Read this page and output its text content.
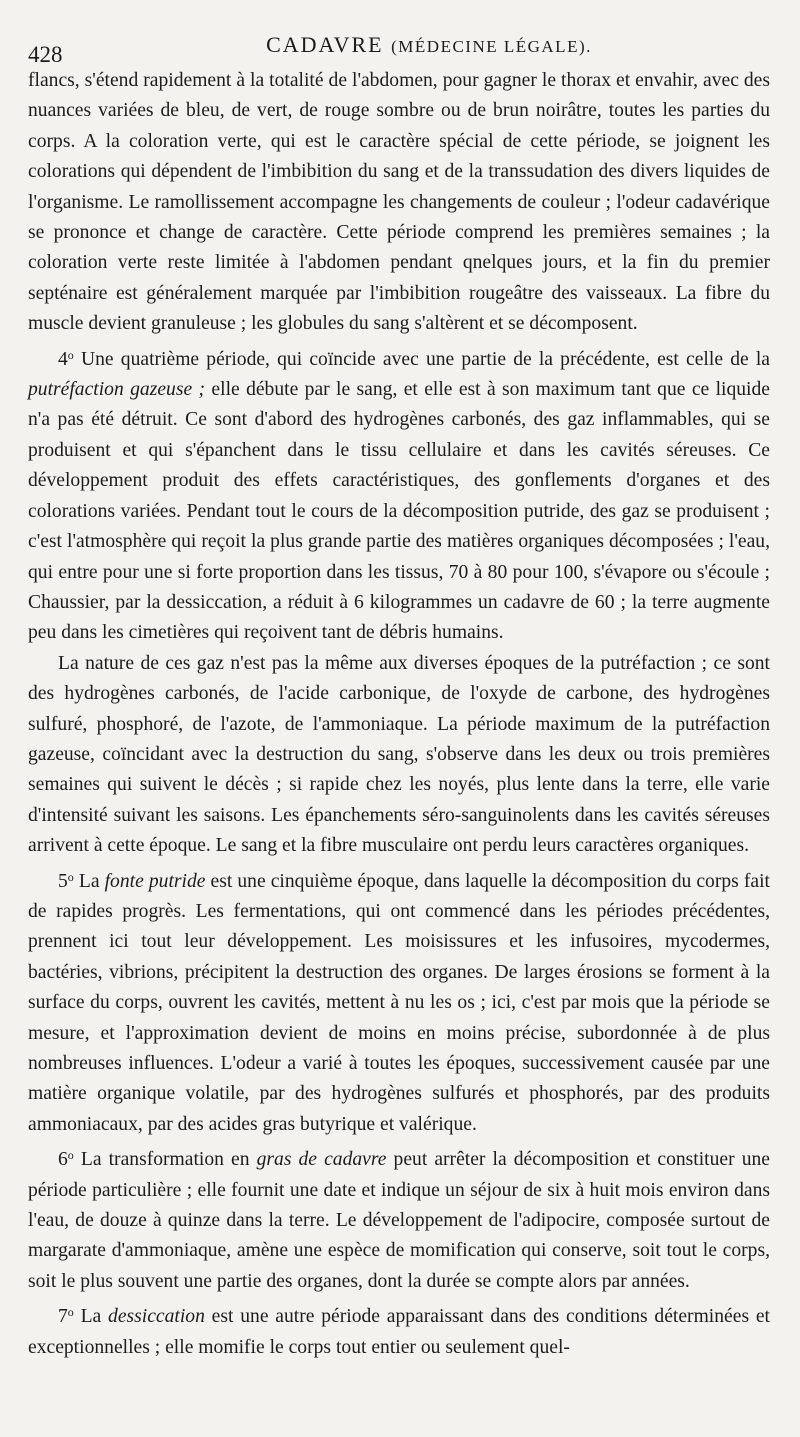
428	CADAVRE (MÉDECINE LÉGALE).

flancs, s'étend rapidement à la totalité de l'abdomen, pour gagner le thorax et envahir, avec des nuances variées de bleu, de vert, de rouge sombre ou de brun noirâtre, toutes les parties du corps. A la coloration verte, qui est le caractère spécial de cette période, se joignent les colorations qui dépendent de l'imbibition du sang et de la transsudation des divers liquides de l'organisme. Le ramollissement accompagne les changements de couleur ; l'odeur cadavérique se prononce et change de caractère. Cette période comprend les premières semaines ; la coloration verte reste limitée à l'abdomen pendant qnelques jours, et la fin du premier septénaire est généralement marquée par l'imbibition rougeâtre des vaisseaux. La fibre du muscle devient granuleuse ; les globules du sang s'altèrent et se décomposent.

4$^o$ Une quatrième période, qui coïncide avec une partie de la précédente, est celle de la putréfaction gazeuse ; elle débute par le sang, et elle est à son maximum tant que ce liquide n'a pas été détruit. Ce sont d'abord des hydrogènes carbonés, des gaz inflammables, qui se produisent et qui s'épanchent dans le tissu cellulaire et dans les cavités séreuses. Ce développement produit des effets caractéristiques, des gonflements d'organes et des colorations variées. Pendant tout le cours de la décomposition putride, des gaz se produisent ; c'est l'atmosphère qui reçoit la plus grande partie des matières organiques décomposées ; l'eau, qui entre pour une si forte proportion dans les tissus, 70 à 80 pour 100, s'évapore ou s'écoule ; Chaussier, par la dessiccation, a réduit à 6 kilogrammes un cadavre de 60 ; la terre augmente peu dans les cimetières qui reçoivent tant de débris humains.

La nature de ces gaz n'est pas la même aux diverses époques de la putréfaction ; ce sont des hydrogènes carbonés, de l'acide carbonique, de l'oxyde de carbone, des hydrogènes sulfuré, phosphoré, de l'azote, de l'ammoniaque. La période maximum de la putréfaction gazeuse, coïncidant avec la destruction du sang, s'observe dans les deux ou trois premières semaines qui suivent le décès ; si rapide chez les noyés, plus lente dans la terre, elle varie d'intensité suivant les saisons. Les épanchements séro-sanguinolents dans les cavités séreuses arrivent à cette époque. Le sang et la fibre musculaire ont perdu leurs caractères organiques.

5$^o$ La fonte putride est une cinquième époque, dans laquelle la décomposition du corps fait de rapides progrès. Les fermentations, qui ont commencé dans les périodes précédentes, prennent ici tout leur développement. Les moisissures et les infusoires, mycodermes, bactéries, vibrions, précipitent la destruction des organes. De larges érosions se forment à la surface du corps, ouvrent les cavités, mettent à nu les os ; ici, c'est par mois que la période se mesure, et l'approximation devient de moins en moins précise, subordonnée à de plus nombreuses influences. L'odeur a varié à toutes les époques, successivement causée par une matière organique volatile, par des hydrogènes sulfurés et phosphorés, par des produits ammoniacaux, par des acides gras butyrique et valérique.

6$^o$ La transformation en gras de cadavre peut arrêter la décomposition et constituer une période particulière ; elle fournit une date et indique un séjour de six à huit mois environ dans l'eau, de douze à quinze dans la terre. Le développement de l'adipocire, composée surtout de margarate d'ammoniaque, amène une espèce de momification qui conserve, soit tout le corps, soit le plus souvent une partie des organes, dont la durée se compte alors par années.

7$^o$ La dessiccation est une autre période apparaissant dans des conditions déterminées et exceptionnelles ; elle momifie le corps tout entier ou seulement quel-
